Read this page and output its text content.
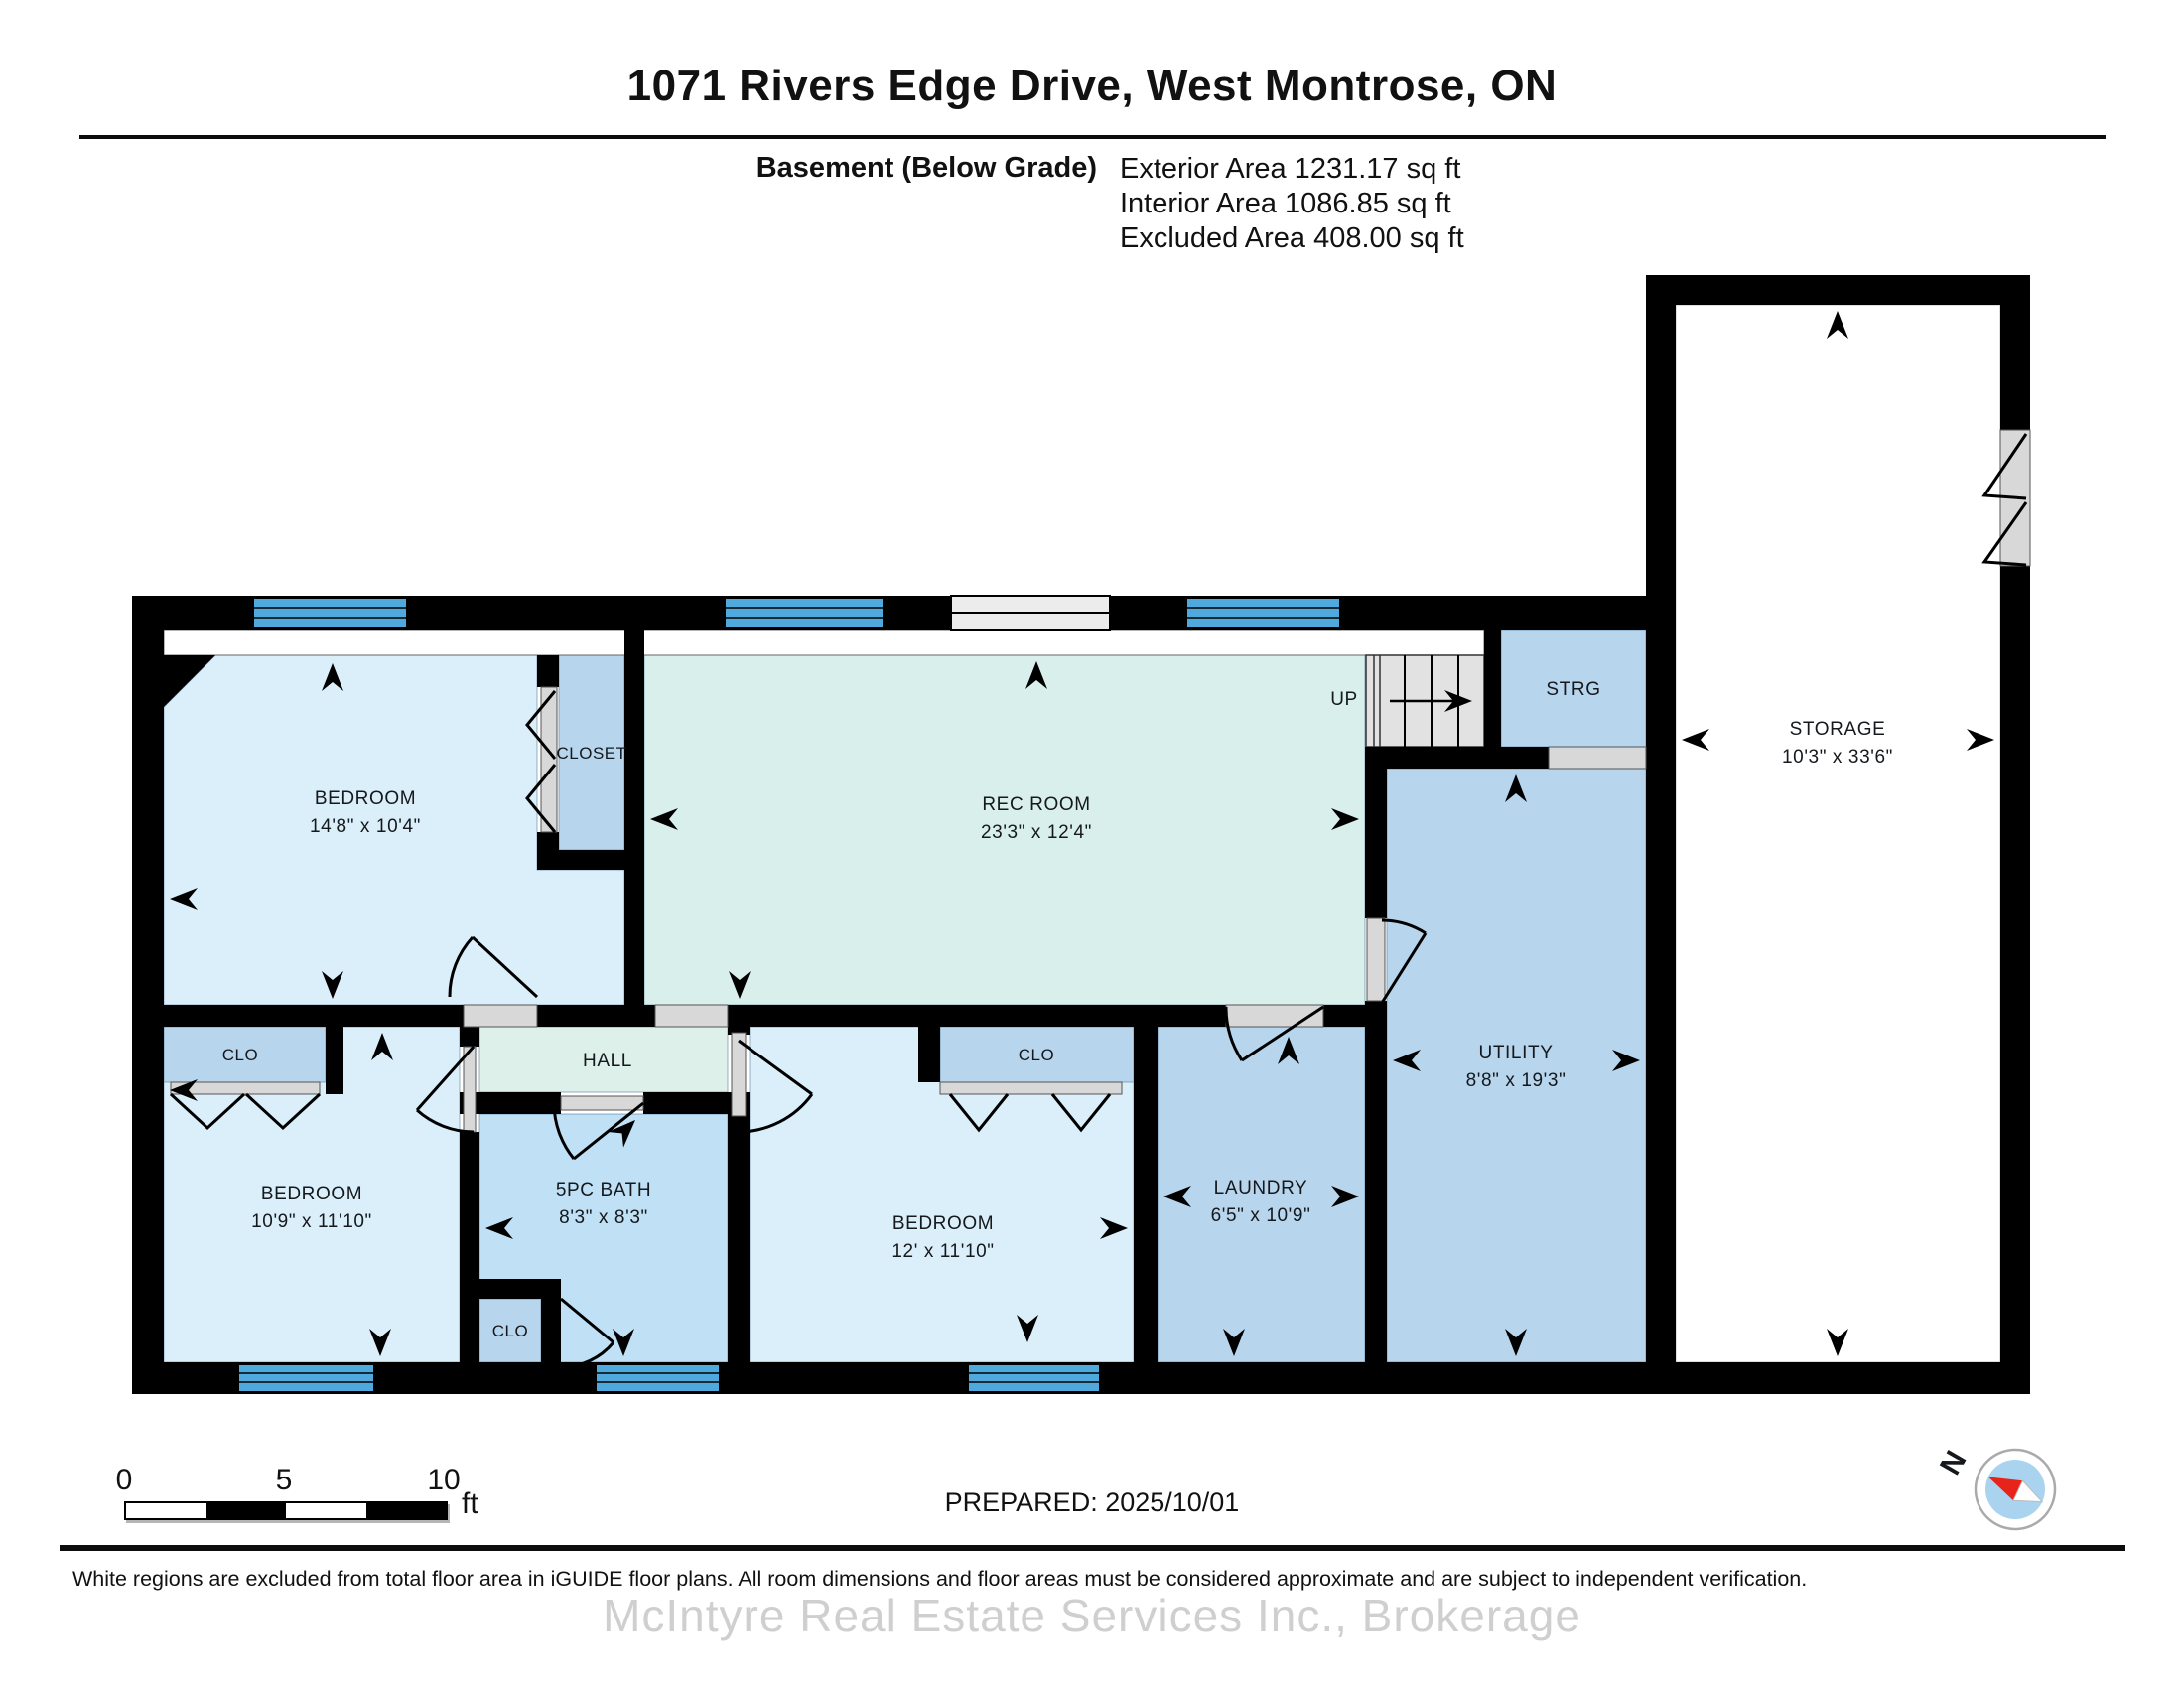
1071 Rivers Edge Drive, West Montrose, ON
Basement (Below Grade) Exterior Area 1231.17 sq ft
Interior Area 1086.85 sq ft
Excluded Area 408.00 sq ft
BEDROOM
14'8" x 10'4"
CLOSET
REC ROOM
23'3" x 12'4"
UP	STRG
STORAGE
10'3" x 33'6"
CLO	HALL
BEDROOM
10'9" x 11'10"
5PC BATH
8'3" x 8'3"
CLO
BEDROOM
12' x 11'10"
CLO
LAUNDRY
6'5" x 10'9"
UTILITY
8'8" x 19'3"
N
0	5	10
ft	PREPARED: 2025/10/01
White regions are excluded from total floor area in iGUIDE floor plans. All room dimensions and floor areas must be considered approximate and are subject to independent verification.
McIntyre Real Estate Services Inc., Brokerage
